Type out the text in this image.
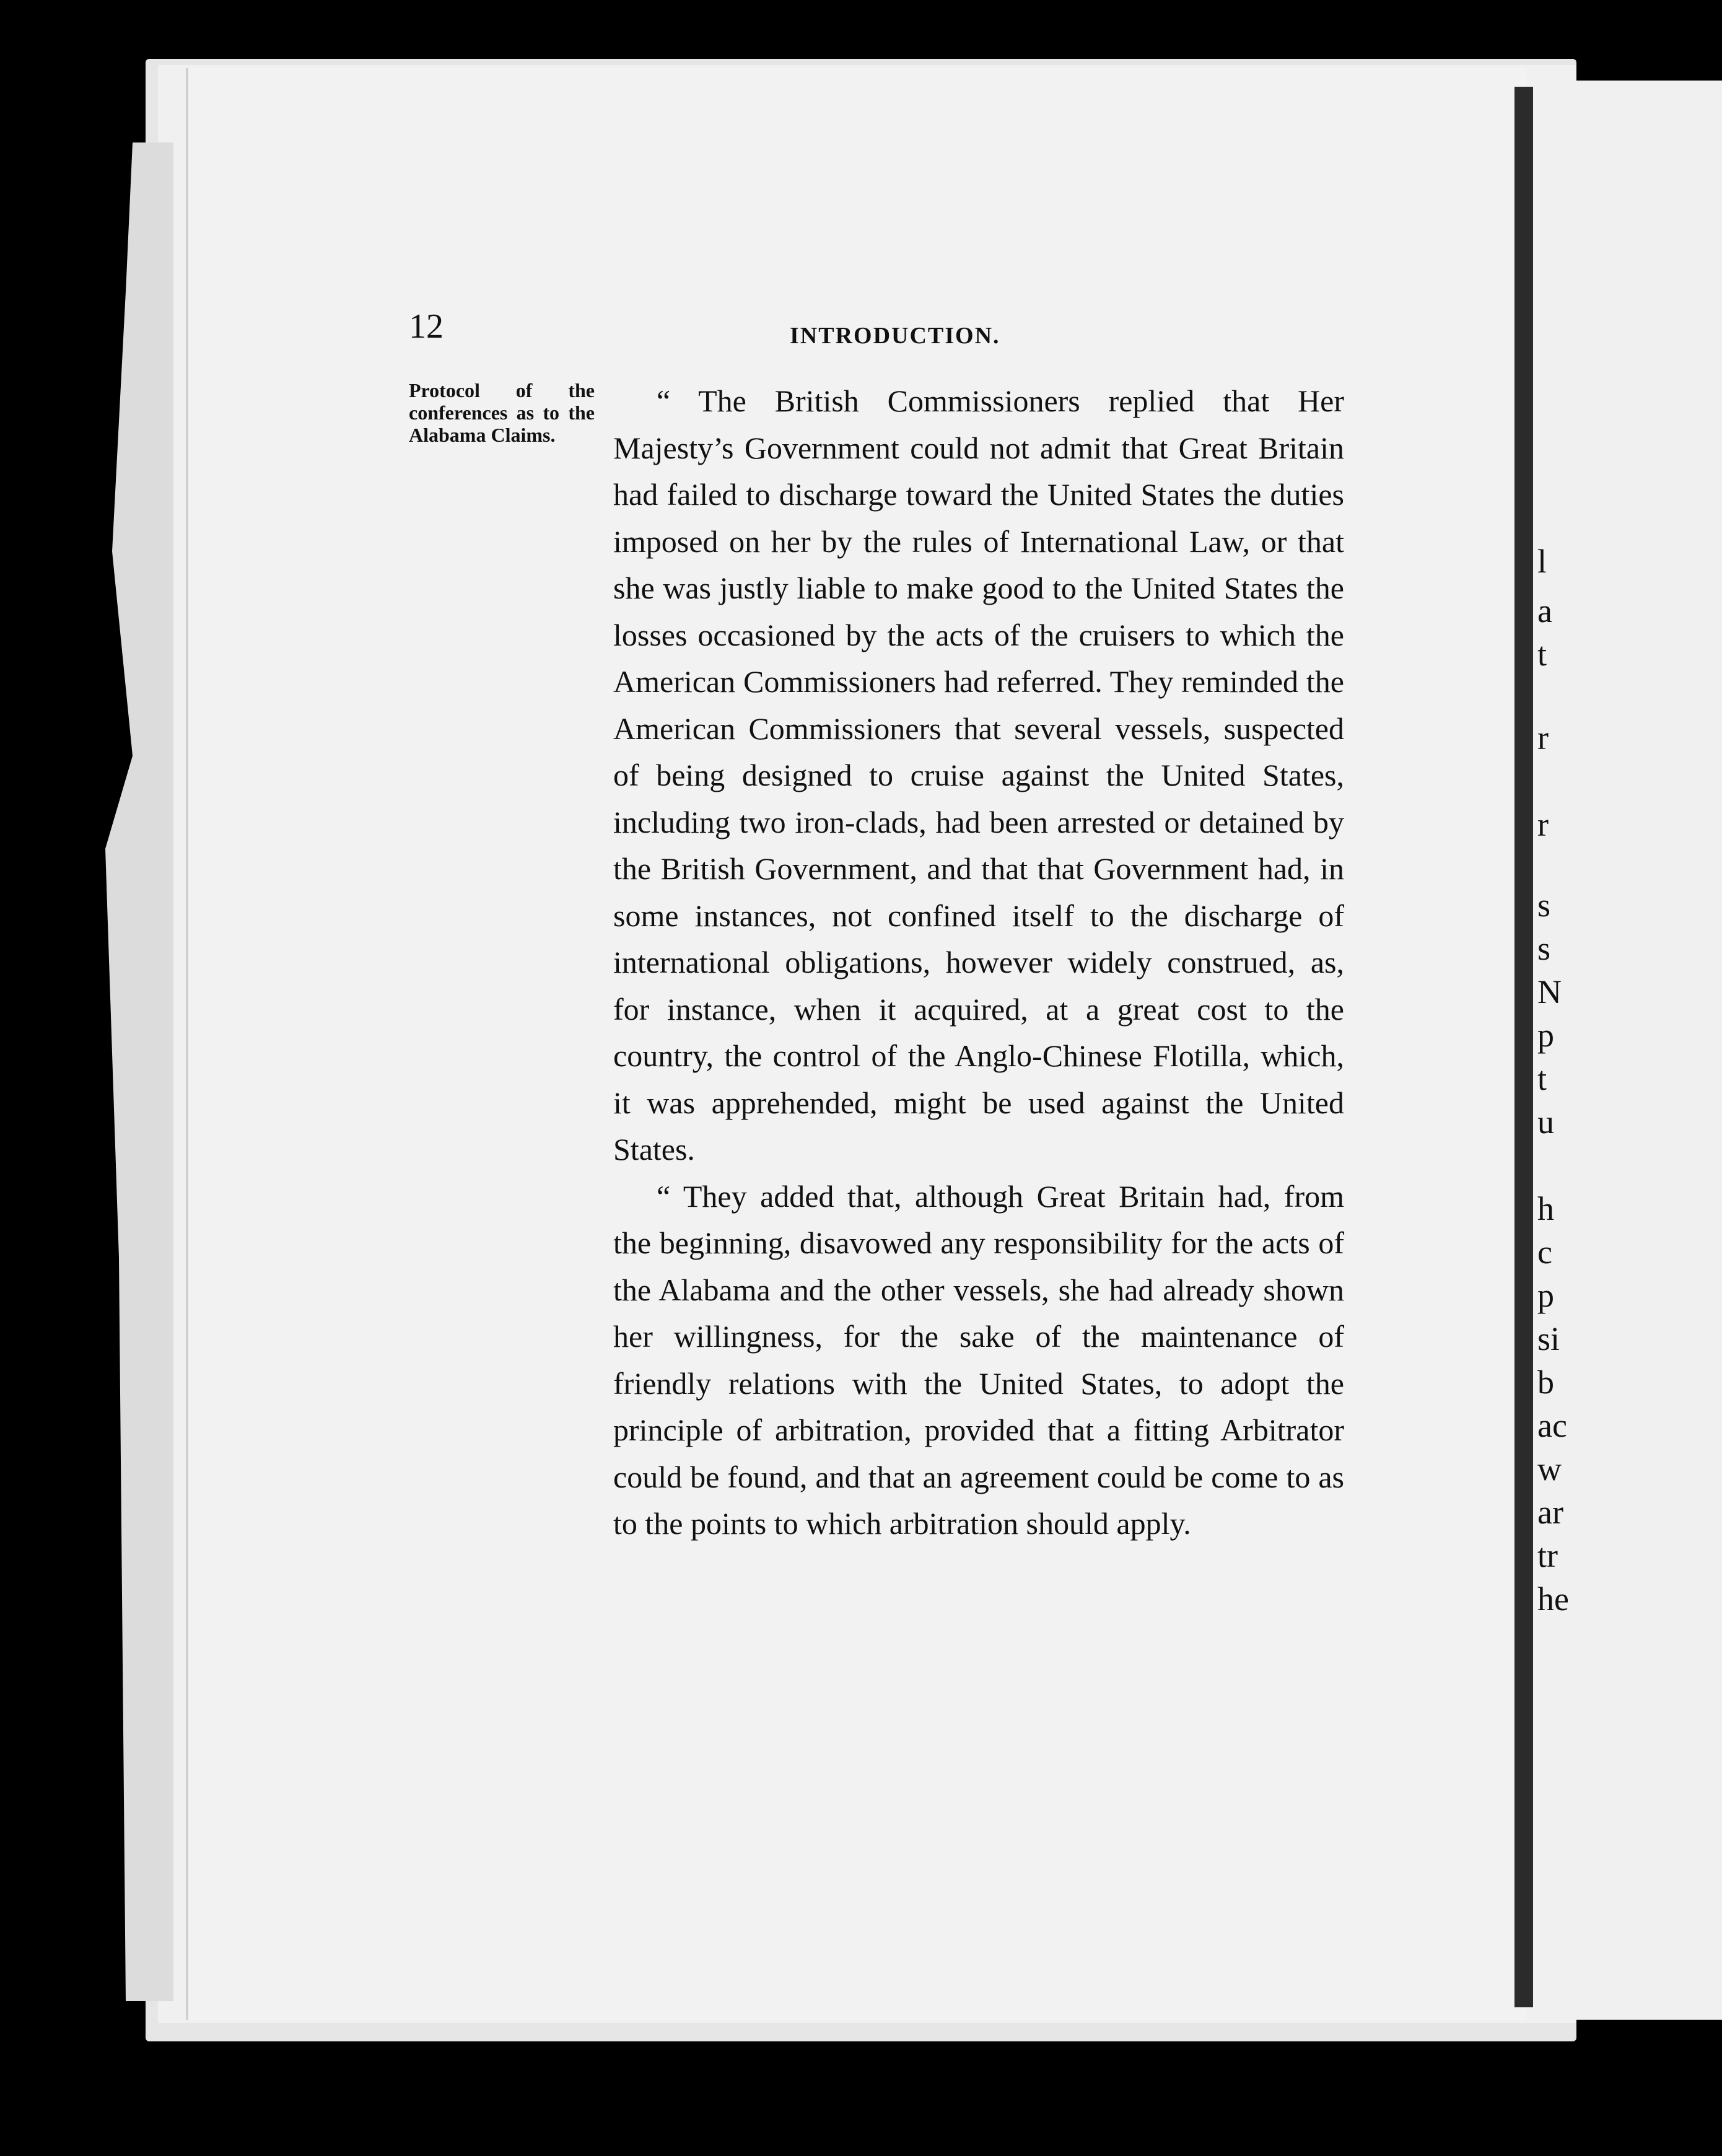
l
a
t
r
r
s
s
N
p
t
u
h
c
p
si
b
ac
w
ar
tr
he
12	INTRODUCTION.
Protocol of the conferences as to the Alabama Claims.

“ The British Commissioners replied that Her Majesty’s Government could not admit that Great Britain had failed to discharge toward the United States the duties imposed on her by the rules of International Law, or that she was justly liable to make good to the United States the losses occasioned by the acts of the cruisers to which the American Commissioners had referred. They reminded the American Commissioners that several vessels, suspected of being designed to cruise against the United States, including two iron-clads, had been arrested or detained by the British Government, and that that Government had, in some instances, not confined itself to the discharge of international obligations, however widely construed, as, for instance, when it acquired, at a great cost to the country, the control of the Anglo-Chinese Flotilla, which, it was apprehended, might be used against the United States.

“ They added that, although Great Britain had, from the beginning, disavowed any responsibility for the acts of the Alabama and the other vessels, she had already shown her willingness, for the sake of the maintenance of friendly relations with the United States, to adopt the principle of arbitration, provided that a fitting Arbitrator could be found, and that an agreement could be come to as to the points to which arbitration should apply.
